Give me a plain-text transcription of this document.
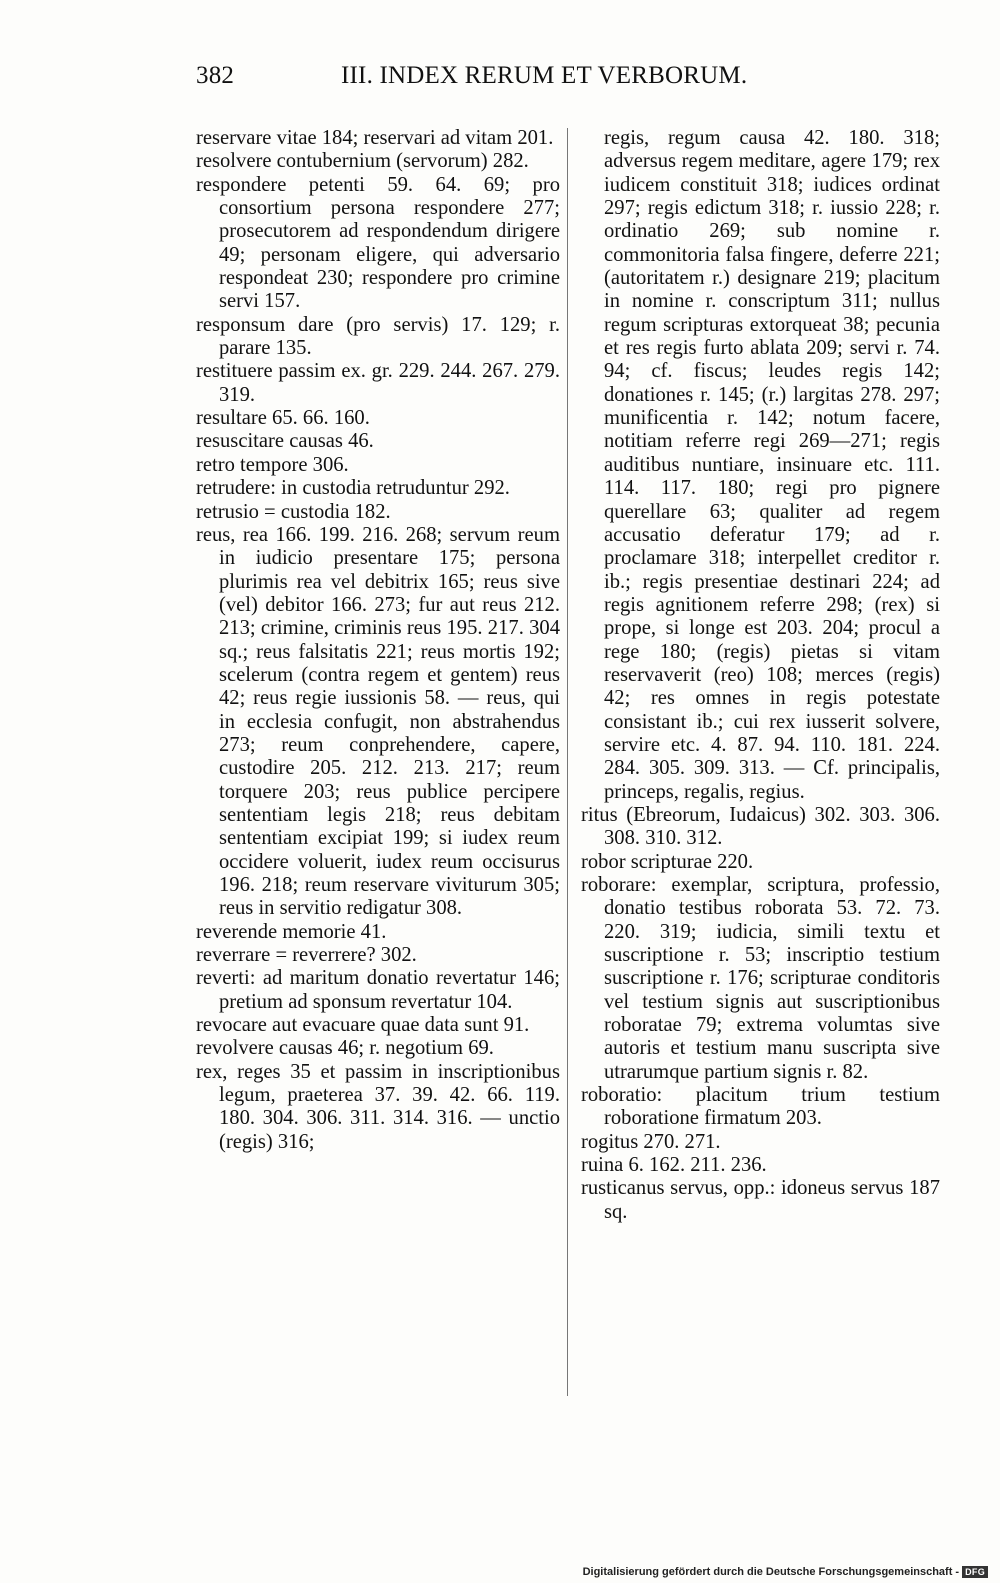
382	III. INDEX RERUM ET VERBORUM.
reservare vitae 184; reservari ad vitam 201.
resolvere contubernium (servorum) 282.
respondere petenti 59. 64. 69; pro consortium persona respondere 277; prosecutorem ad respondendum dirigere 49; personam eligere, qui adversario respondeat 230; respondere pro crimine servi 157.
responsum dare (pro servis) 17. 129; r. parare 135.
restituere passim ex. gr. 229. 244. 267. 279. 319.
resultare 65. 66. 160.
resuscitare causas 46.
retro tempore 306.
retrudere: in custodia retruduntur 292.
retrusio = custodia 182.
reus, rea 166. 199. 216. 268; servum reum in iudicio presentare 175; persona plurimis rea vel debitrix 165; reus sive (vel) debitor 166. 273; fur aut reus 212. 213; crimine, criminis reus 195. 217. 304 sq.; reus falsitatis 221; reus mortis 192; scelerum (contra regem et gentem) reus 42; reus regie iussionis 58. — reus, qui in ecclesia confugit, non abstrahendus 273; reum conprehendere, capere, custodire 205. 212. 213. 217; reum torquere 203; reus publice percipere sententiam legis 218; reus debitam sententiam excipiat 199; si iudex reum occidere voluerit, iudex reum occisurus 196. 218; reum reservare viviturum 305; reus in servitio redigatur 308.
reverende memorie 41.
reverrare = reverrere? 302.
reverti: ad maritum donatio revertatur 146; pretium ad sponsum revertatur 104.
revocare aut evacuare quae data sunt 91.
revolvere causas 46; r. negotium 69.
rex, reges 35 et passim in inscriptionibus legum, praeterea 37. 39. 42. 66. 119. 180. 304. 306. 311. 314. 316. — unctio (regis) 316;
regis, regum causa 42. 180. 318; adversus regem meditare, agere 179; rex iudicem constituit 318; iudices ordinat 297; regis edictum 318; r. iussio 228; r. ordinatio 269; sub nomine r. commonitoria falsa fingere, deferre 221; (autoritatem r.) designare 219; placitum in nomine r. conscriptum 311; nullus regum scripturas extorqueat 38; pecunia et res regis furto ablata 209; servi r. 74. 94; cf. fiscus; leudes regis 142; donationes r. 145; (r.) largitas 278. 297; munificentia r. 142; notum facere, notitiam referre regi 269—271; regis auditibus nuntiare, insinuare etc. 111. 114. 117. 180; regi pro pignere querellare 63; qualiter ad regem accusatio deferatur 179; ad r. proclamare 318; interpellet creditor r. ib.; regis presentiae destinari 224; ad regis agnitionem referre 298; (rex) si prope, si longe est 203. 204; procul a rege 180; (regis) pietas si vitam reservaverit (reo) 108; merces (regis) 42; res omnes in regis potestate consistant ib.; cui rex iusserit solvere, servire etc. 4. 87. 94. 110. 181. 224. 284. 305. 309. 313. — Cf. principalis, princeps, regalis, regius.
ritus (Ebreorum, Iudaicus) 302. 303. 306. 308. 310. 312.
robor scripturae 220.
roborare: exemplar, scriptura, professio, donatio testibus roborata 53. 72. 73. 220. 319; iudicia, simili textu et suscriptione r. 53; inscriptio testium suscriptione r. 176; scripturae conditoris vel testium signis aut suscriptionibus roboratae 79; extrema volumtas sive autoris et testium manu suscripta sive utrarumque partium signis r. 82.
roboratio: placitum trium testium roboratione firmatum 203.
rogitus 270. 271.
ruina 6. 162. 211. 236.
rusticanus servus, opp.: idoneus servus 187 sq.
Digitalisierung gefördert durch die Deutsche Forschungsgemeinschaft - DFG
